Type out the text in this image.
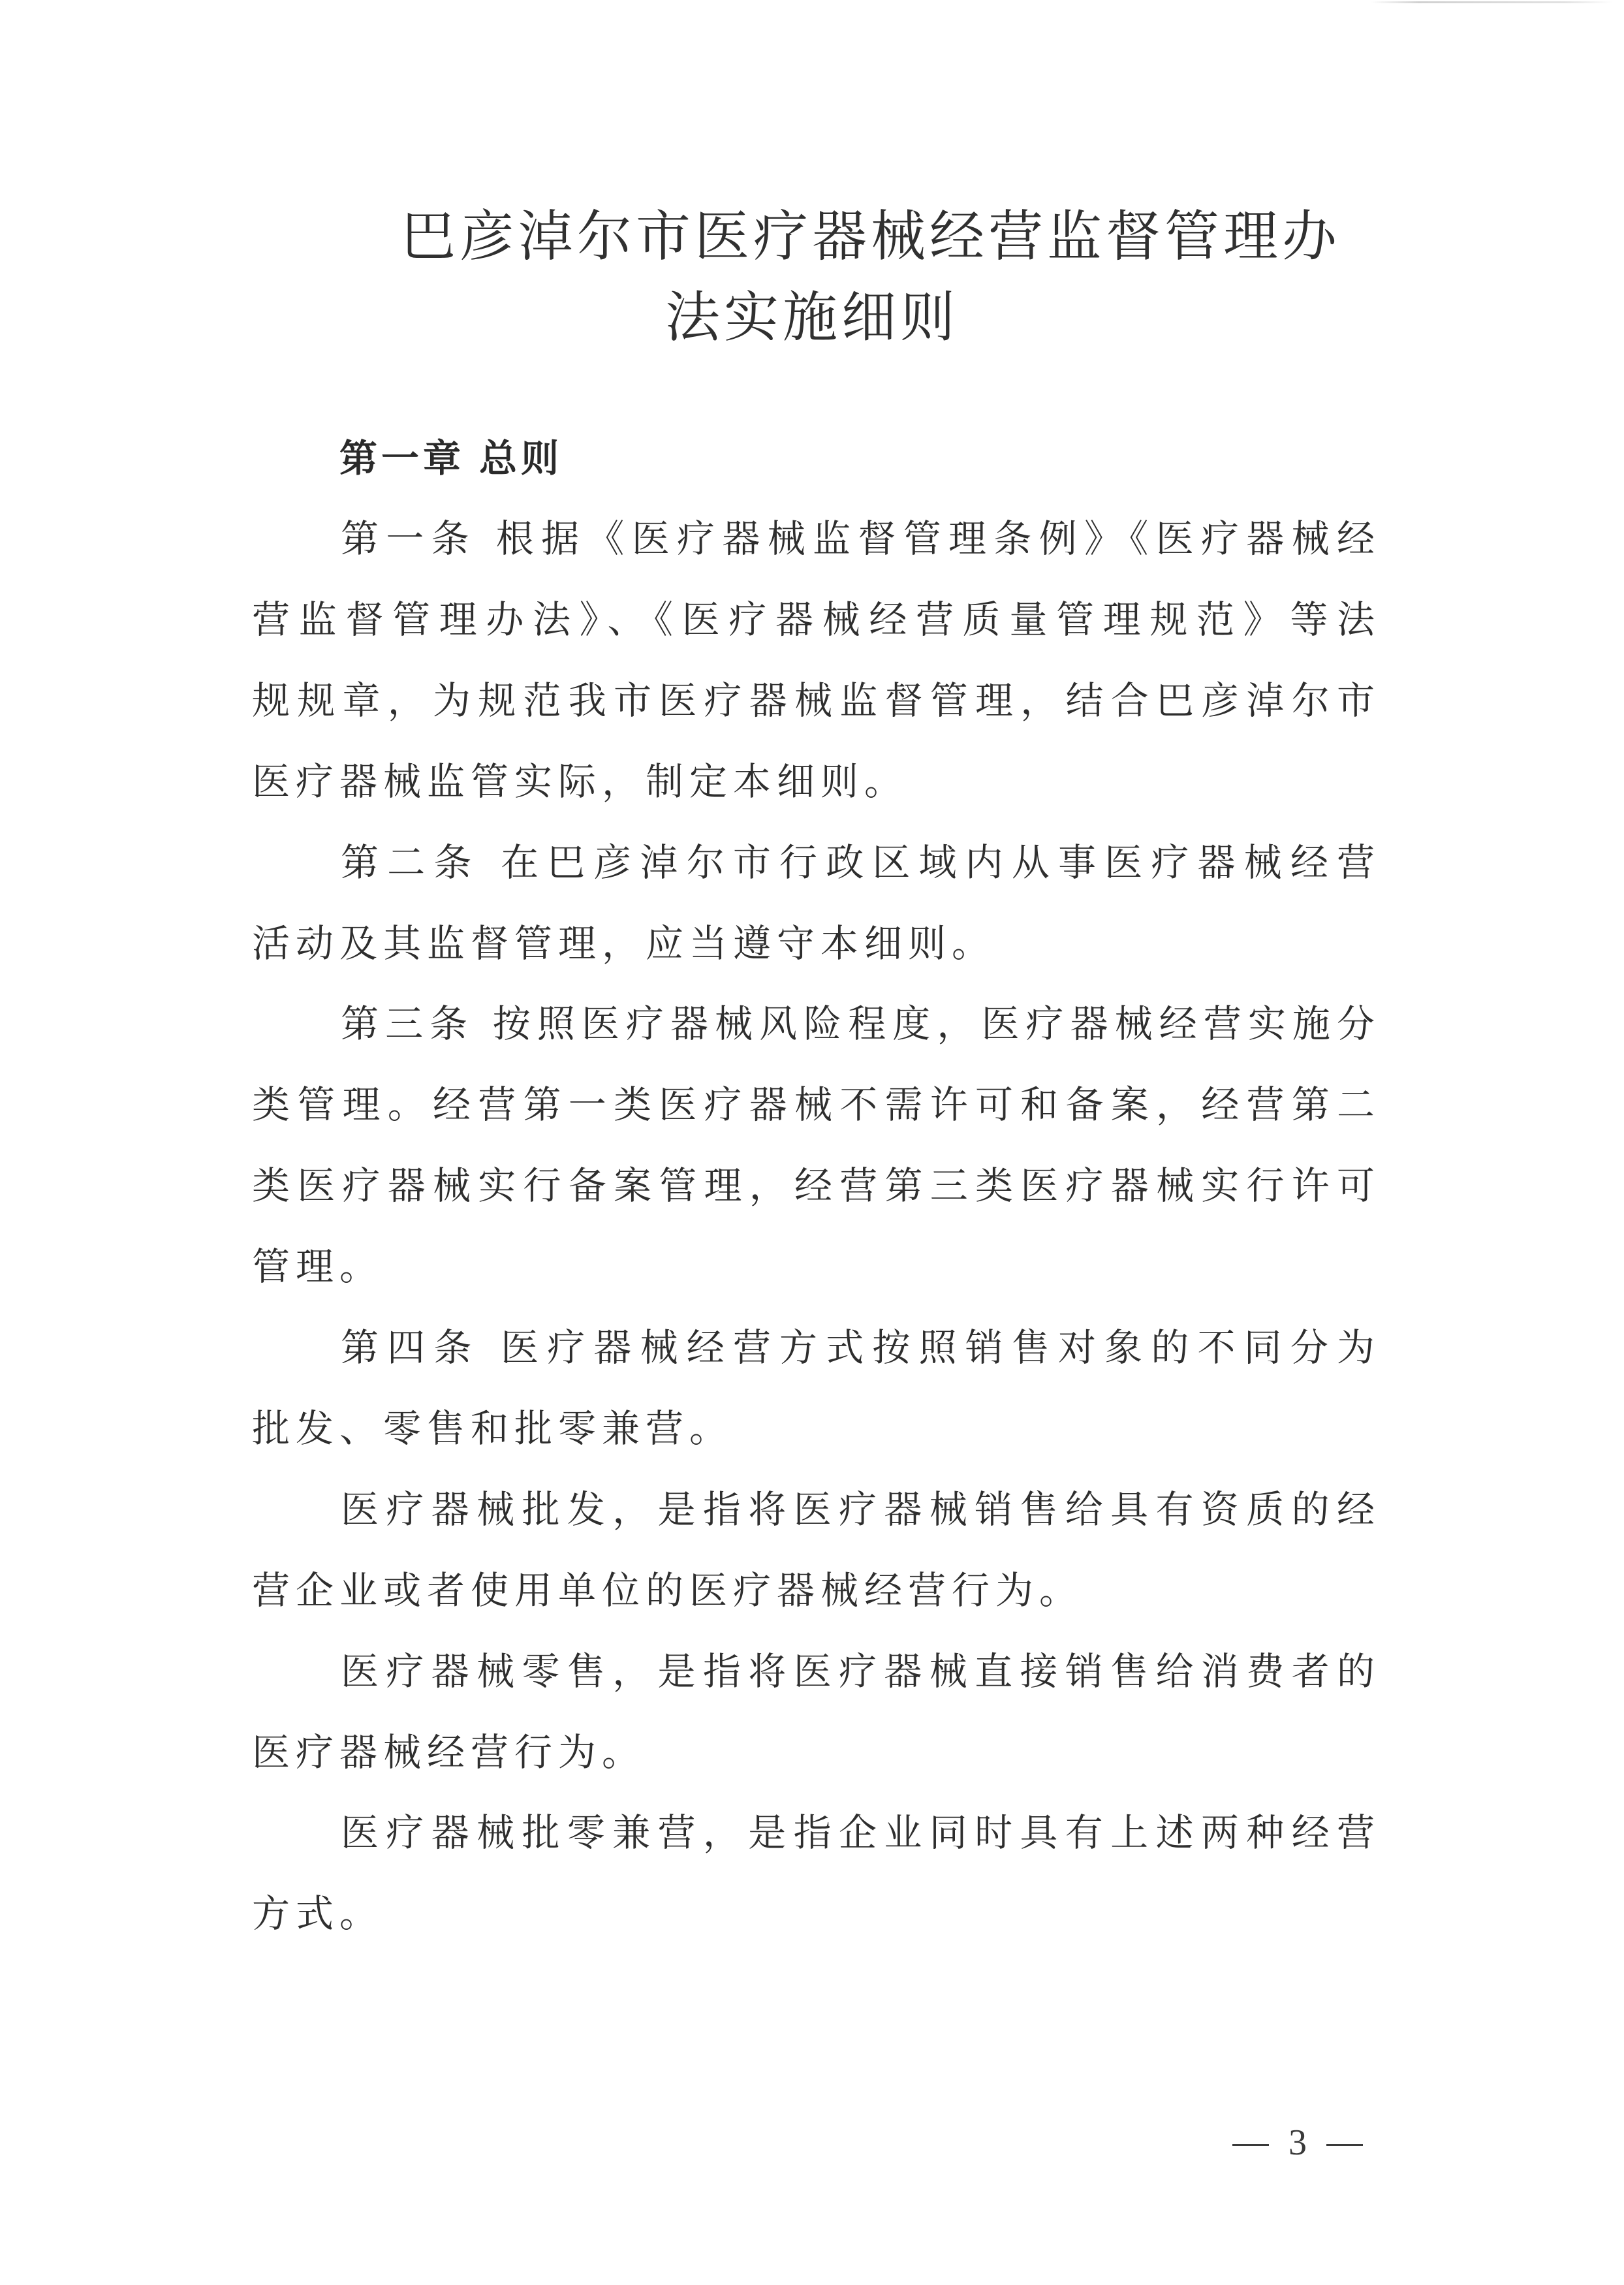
巴彦淖尔市医疗器械经营监督管理办
法实施细则
第一章 总则
第一条 根据《医疗器械监督管理条例》《医疗器械经
营监督管理办法》、《医疗器械经营质量管理规范》等法
规规章，为规范我市医疗器械监督管理，结合巴彦淖尔市
医疗器械监管实际，制定本细则。
第二条 在巴彦淖尔市行政区域内从事医疗器械经营
活动及其监督管理，应当遵守本细则。
第三条 按照医疗器械风险程度，医疗器械经营实施分
类管理。经营第一类医疗器械不需许可和备案，经营第二
类医疗器械实行备案管理，经营第三类医疗器械实行许可
管理。
第四条 医疗器械经营方式按照销售对象的不同分为
批发、零售和批零兼营。
医疗器械批发，是指将医疗器械销售给具有资质的经
营企业或者使用单位的医疗器械经营行为。
医疗器械零售，是指将医疗器械直接销售给消费者的
医疗器械经营行为。
医疗器械批零兼营，是指企业同时具有上述两种经营
方式。
3
